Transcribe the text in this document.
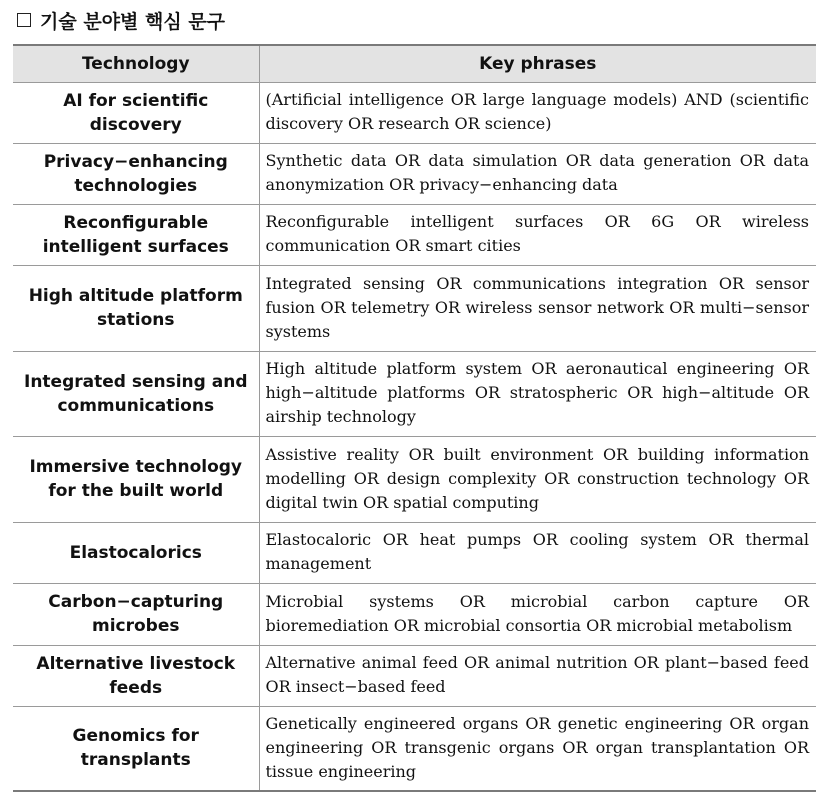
기술 분야별 핵심 문구
Technology	Key phrases
AI for scientific discovery	(Artificial intelligence OR large language models) AND (scientific discovery OR research OR science)
Privacy−enhancing technologies	Synthetic data OR data simulation OR data generation OR data anonymization OR privacy−enhancing data
Reconfigurable intelligent surfaces	Reconfigurable intelligent surfaces OR 6G OR wireless communication OR smart cities
High altitude platform stations	Integrated sensing OR communications integration OR sensor fusion OR telemetry OR wireless sensor network OR multi−sensor systems
Integrated sensing and communications	High altitude platform system OR aeronautical engineering OR high−altitude platforms OR stratospheric OR high−altitude OR airship technology
Immersive technology for the built world	Assistive reality OR built environment OR building information modelling OR design complexity OR construction technology OR digital twin OR spatial computing
Elastocalorics	Elastocaloric OR heat pumps OR cooling system OR thermal management
Carbon−capturing microbes	Microbial systems OR microbial carbon capture OR bioremediation OR microbial consortia OR microbial metabolism
Alternative livestock feeds	Alternative animal feed OR animal nutrition OR plant−based feed OR insect−based feed
Genomics for transplants	Genetically engineered organs OR genetic engineering OR organ engineering OR transgenic organs OR organ transplantation OR tissue engineering
